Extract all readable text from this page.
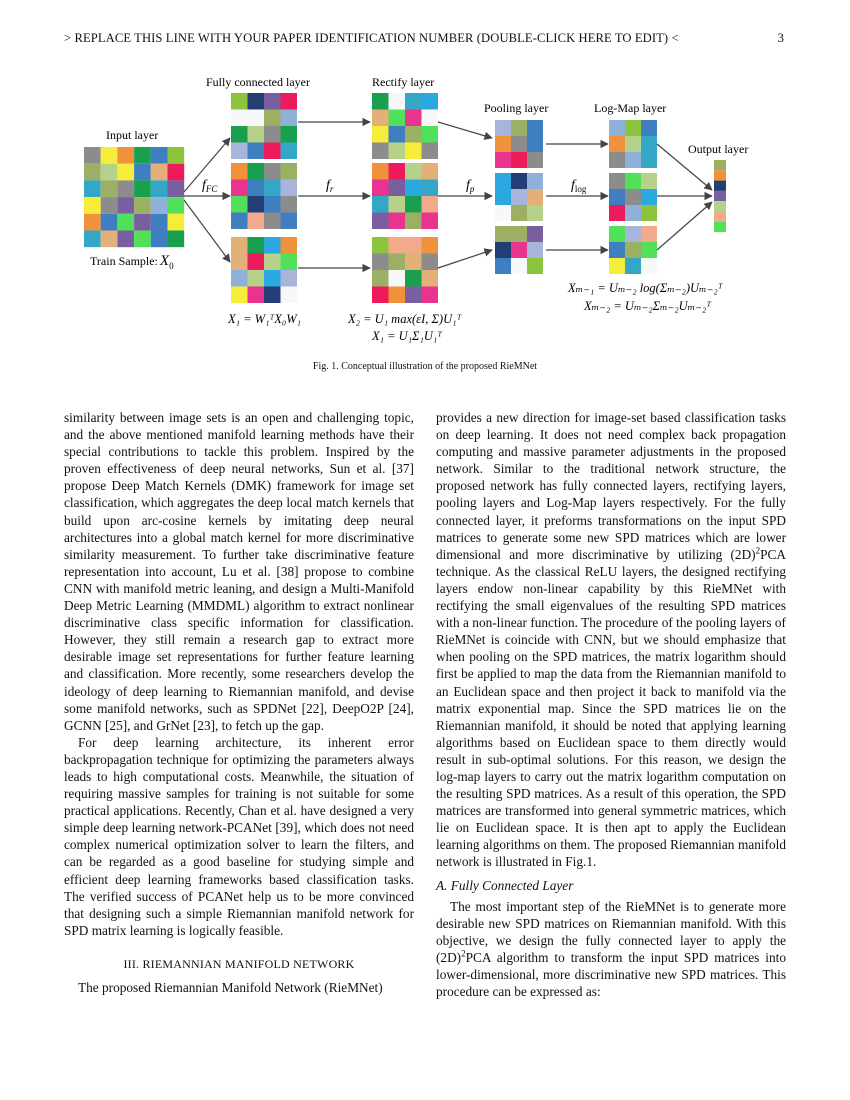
> REPLACE THIS LINE WITH YOUR PAPER IDENTIFICATION NUMBER (DOUBLE-CLICK HERE TO EDIT) <	3
Input layer
Fully connected layer	Rectify layer
Pooling layer	Log-Map layer
Output layer
$f_{FC}$	$f_r$	$f_p$	$f_{log}$
Train Sample: $X_0$
X₁ = W₁ᵀX₀W₁	X₂ = U₁ max(εI, Σ)U₁ᵀ
X₁ = U₁Σ₁U₁ᵀ
Xₘ₋₁ = Uₘ₋₂ log(Σₘ₋₂)Uₘ₋₂ᵀ
Xₘ₋₂ = Uₘ₋₂Σₘ₋₂Uₘ₋₂ᵀ
Fig. 1. Conceptual illustration of the proposed RieMNet

similarity between image sets is an open and challenging topic, and the above mentioned manifold learning methods have their special contributions to tackle this problem. Inspired by the proven effectiveness of deep neural networks, Sun et al. [37] propose Deep Match Kernels (DMK) framework for image set classification, which aggregates the deep local match kernels that build upon arc-cosine kernels by imitating deep neural architectures into a global match kernel for more discriminative similarity measurement. To further take discriminative feature representation into account, Lu et al. [38] propose to combine CNN with manifold metric leaning, and design a Multi-Manifold Deep Metric Learning (MMDML) algorithm to extract nonlinear discriminative class specific information for classification. However, they still remain a research gap to extract more desirable image set representations for further feature learning and classification. More recently, some researchers develop the ideology of deep learning to Riemannian manifold, and devise some manifold networks, such as SPDNet [22], DeepO2P [24], GCNN [25], and GrNet [23], to fetch up the gap.

For deep learning architecture, its inherent error backpropagation technique for optimizing the parameters always leads to high computational costs. Meanwhile, the situation of requiring massive samples for training is not suitable for some practical applications. Recently, Chan et al. have designed a very simple deep learning network-PCANet [39], which does not need complex numerical optimization solver to learn the filters, and can be regarded as a good baseline for studying simple and efficient deep learning frameworks based classification tasks. The verified success of PCANet help us to be more convinced that designing such a simple Riemannian manifold network for SPD matrix learning is logically feasible.

III. RIEMANNIAN MANIFOLD NETWORK

The proposed Riemannian Manifold Network (RieMNet)

provides a new direction for image-set based classification tasks on deep learning. It does not need complex back propagation computing and massive parameter adjustments in the proposed network. Similar to the traditional network structure, the proposed network has fully connected layers, rectifying layers, pooling layers and Log-Map layers respectively. For the fully connected layer, it preforms transformations on the input SPD matrices to generate some new SPD matrices which are lower dimensional and more discriminative by utilizing $(2D)^2PCA$ technique. As the classical ReLU layers, the designed rectifying layers endow non-linear capability by this RieMNet with rectifying the small eigenvalues of the resulting SPD matrices with a non-linear function. The procedure of the pooling layers of RieMNet is coincide with CNN, but we should emphasize that when pooling on the SPD matrices, the matrix logarithm should first be applied to map the data from the Riemannian manifold to an Euclidean space and then project it back to manifold via the matrix exponential map. Since the SPD matrices lie on the Riemannian manifold, it should be noted that applying learning algorithms based on Euclidean space to them directly would result in sub-optimal solutions. For this reason, we design the log-map layers to carry out the matrix logarithm computation on the resulting SPD matrices. As a result of this operation, the SPD matrices are transformed into general symmetric matrices, which lie on Euclidean space. It is then apt to apply the Euclidean learning algorithms on them. The proposed Riemannian manifold network is illustrated in Fig.1.

A. Fully Connected Layer

The most important step of the RieMNet is to generate more desirable new SPD matrices on Riemannian manifold. With this objective, we design the fully connected layer to apply the $(2D)^2PCA$ algorithm to transform the input SPD matrices into lower-dimensional, more discriminative new SPD matrices. This procedure can be expressed as:
